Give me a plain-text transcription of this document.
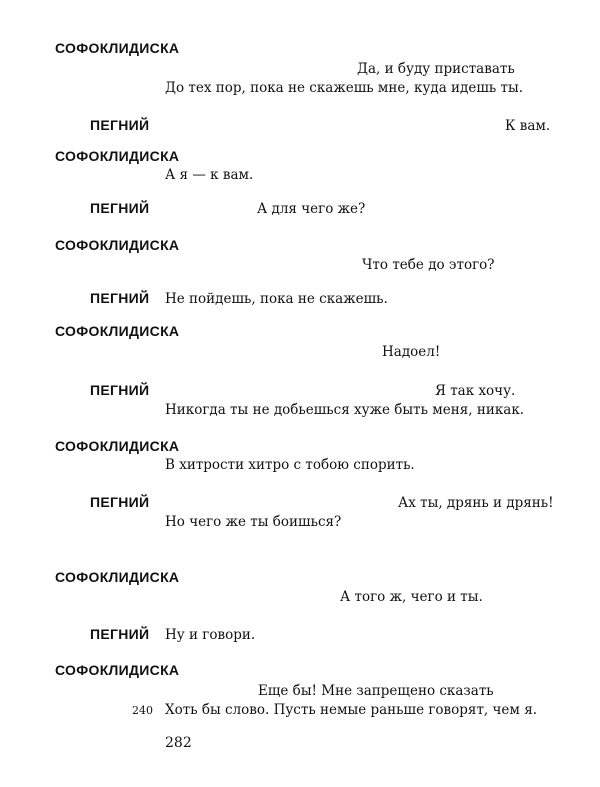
СОФОКЛИДИСКА
Да, и буду приставать
До тех пор, пока не скажешь мне, куда идешь ты.
ПЕГНИЙ	К вам.
СОФОКЛИДИСКА
А я — к вам.
ПЕГНИЙ	А для чего же?
СОФОКЛИДИСКА
Что тебе до этого?
ПЕГНИЙ Не пойдешь, пока не скажешь.
СОФОКЛИДИСКА
Надоел!
ПЕГНИЙ	Я так хочу.
Никогда ты не добьешься хуже быть меня, никак.
СОФОКЛИДИСКА
В хитрости хитро с тобою спорить.
ПЕГНИЙ	Ах ты, дрянь и дрянь!
Но чего же ты боишься?
СОФОКЛИДИСКА
А того ж, чего и ты.
ПЕГНИЙ Ну и говори.
СОФОКЛИДИСКА
Еще бы! Мне запрещено сказать
240 Хоть бы слово. Пусть немые раньше говорят, чем я.
282
